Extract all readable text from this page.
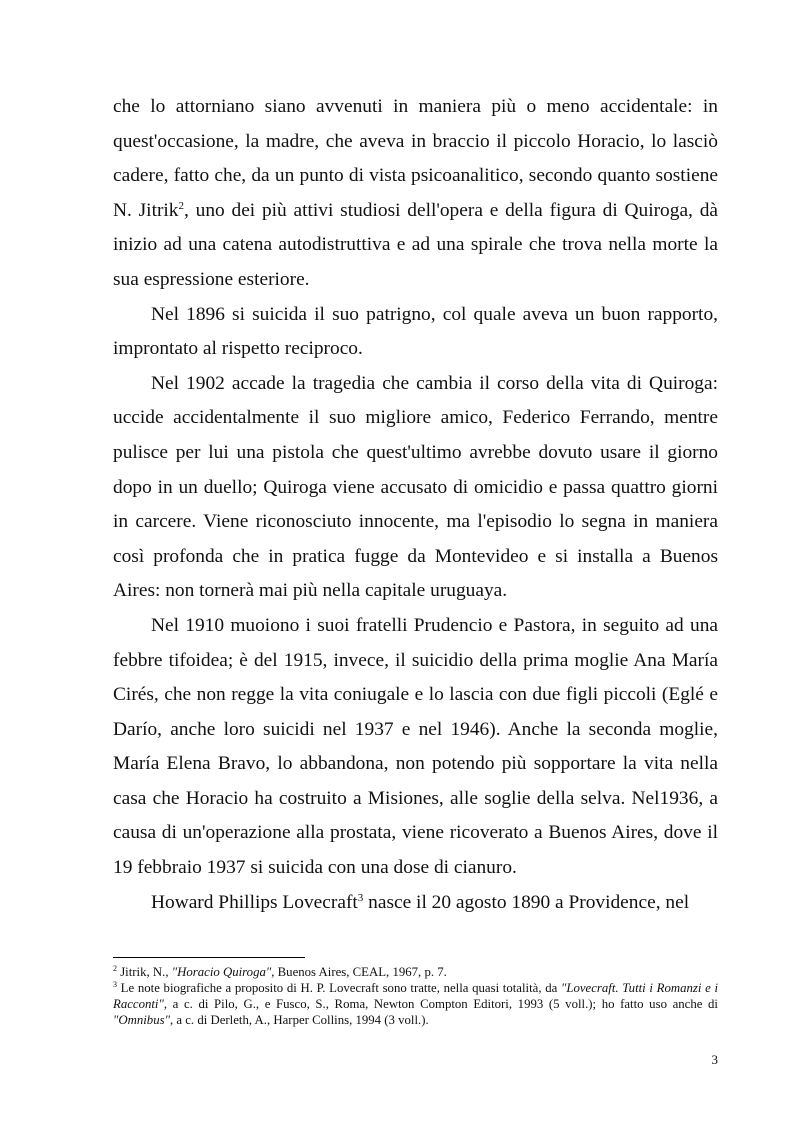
che lo attorniano siano avvenuti in maniera più o meno accidentale: in quest'occasione, la madre, che aveva in braccio il piccolo Horacio, lo lasciò cadere, fatto che, da un punto di vista psicoanalitico, secondo quanto sostiene N. Jitrik$^2$, uno dei più attivi studiosi dell'opera e della figura di Quiroga, dà inizio ad una catena autodistruttiva e ad una spirale che trova nella morte la sua espressione esteriore.

Nel 1896 si suicida il suo patrigno, col quale aveva un buon rapporto, improntato al rispetto reciproco.

Nel 1902 accade la tragedia che cambia il corso della vita di Quiroga: uccide accidentalmente il suo migliore amico, Federico Ferrando, mentre pulisce per lui una pistola che quest'ultimo avrebbe dovuto usare il giorno dopo in un duello; Quiroga viene accusato di omicidio e passa quattro giorni in carcere. Viene riconosciuto innocente, ma l'episodio lo segna in maniera così profonda che in pratica fugge da Montevideo e si installa a Buenos Aires: non tornerà mai più nella capitale uruguaya.

Nel 1910 muoiono i suoi fratelli Prudencio e Pastora, in seguito ad una febbre tifoidea; è del 1915, invece, il suicidio della prima moglie Ana María Cirés, che non regge la vita coniugale e lo lascia con due figli piccoli (Eglé e Darío, anche loro suicidi nel 1937 e nel 1946). Anche la seconda moglie, María Elena Bravo, lo abbandona, non potendo più sopportare la vita nella casa che Horacio ha costruito a Misiones, alle soglie della selva. Nel1936, a causa di un'operazione alla prostata, viene ricoverato a Buenos Aires, dove il 19 febbraio 1937 si suicida con una dose di cianuro.

Howard Phillips Lovecraft$^3$ nasce il 20 agosto 1890 a Providence, nel

$^2$ Jitrik, N., "Horacio Quiroga", Buenos Aires, CEAL, 1967, p. 7.

$^3$ Le note biografiche a proposito di H. P. Lovecraft sono tratte, nella quasi totalità, da "Lovecraft. Tutti i Romanzi e i Racconti", a c. di Pilo, G., e Fusco, S., Roma, Newton Compton Editori, 1993 (5 voll.); ho fatto uso anche di "Omnibus", a c. di Derleth, A., Harper Collins, 1994 (3 voll.).

3
